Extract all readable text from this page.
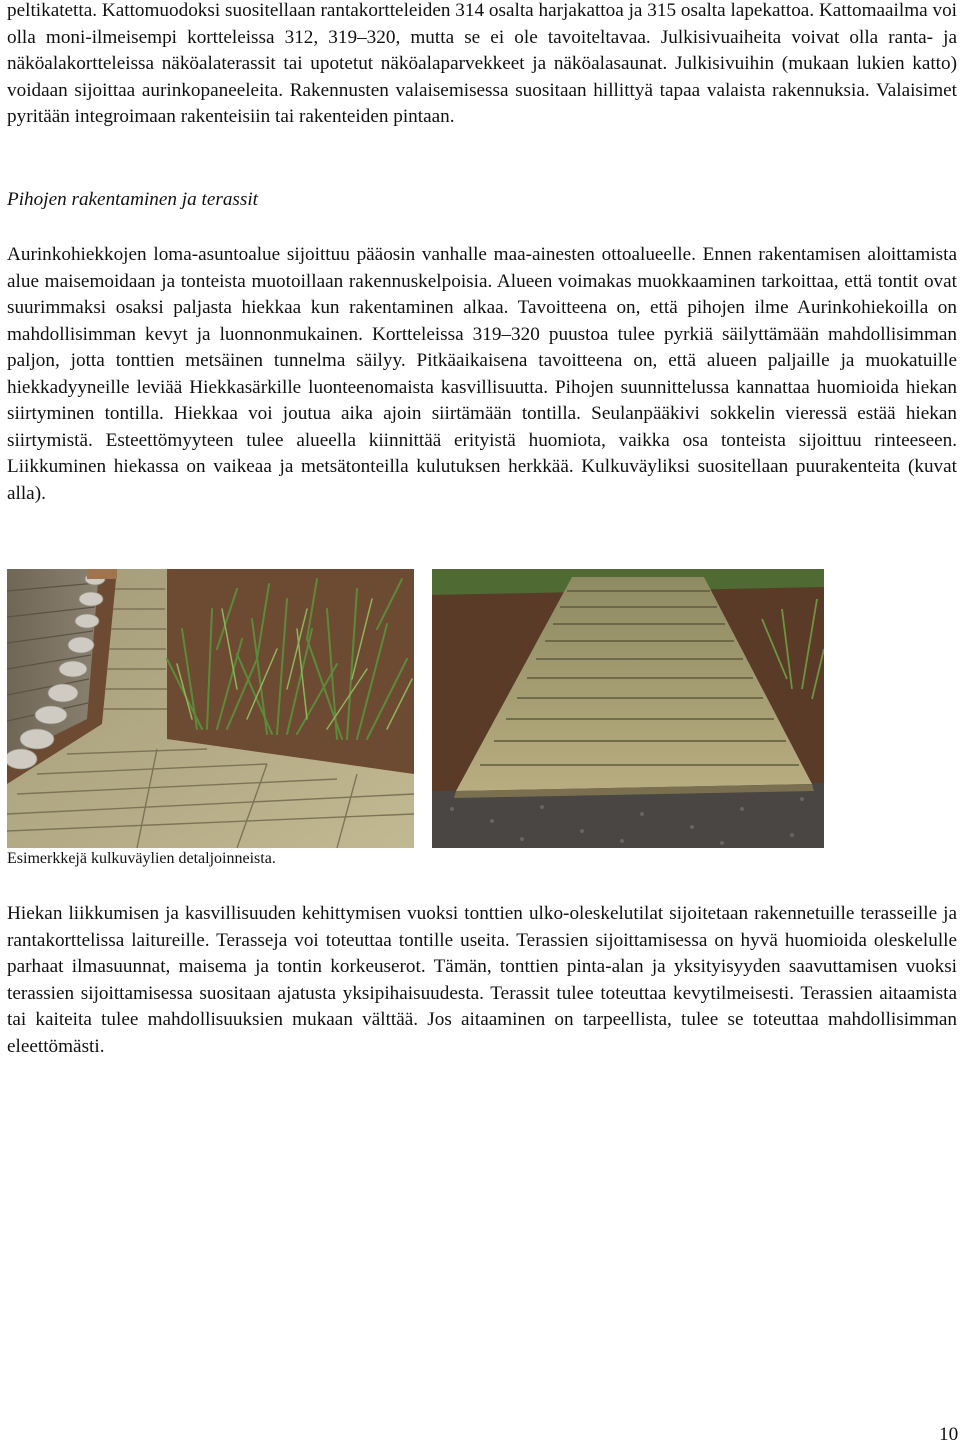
peltikatetta. Kattomuodoksi suositellaan rantakortteleiden 314 osalta harjakattoa ja 315 osalta lapekattoa. Kattomaailma voi olla moni-ilmeisempi kortteleissa 312, 319–320, mutta se ei ole tavoiteltavaa. Julkisivuaiheita voivat olla ranta- ja näköalakortteleissa näköalaterassit tai upotetut näköalaparvekkeet ja näköalasaunat. Julkisivuihin (mukaan lukien katto) voidaan sijoittaa aurinkopaneeleita. Rakennusten valaisemisessa suositaan hillittyä tapaa valaista rakennuksia. Valaisimet pyritään integroimaan rakenteisiin tai rakenteiden pintaan.

Pihojen rakentaminen ja terassit

Aurinkohiekkojen loma-asuntoalue sijoittuu pääosin vanhalle maa-ainesten ottoalueelle. Ennen rakentamisen aloittamista alue maisemoidaan ja tonteista muotoillaan rakennuskelpoisia. Alueen voimakas muokkaaminen tarkoittaa, että tontit ovat suurimmaksi osaksi paljasta hiekkaa kun rakentaminen alkaa. Tavoitteena on, että pihojen ilme Aurinkohiekoilla on mahdollisimman kevyt ja luonnonmukainen. Kortteleissa 319–320 puustoa tulee pyrkiä säilyttämään mahdollisimman paljon, jotta tonttien metsäinen tunnelma säilyy. Pitkäaikaisena tavoitteena on, että alueen paljaille ja muokatuille hiekkadyyneille leviää Hiekkasärkille luonteenomaista kasvillisuutta. Pihojen suunnittelussa kannattaa huomioida hiekan siirtyminen tontilla. Hiekkaa voi joutua aika ajoin siirtämään tontilla. Seulanpääkivi sokkelin vieressä estää hiekan siirtymistä. Esteettömyyteen tulee alueella kiinnittää erityistä huomiota, vaikka osa tonteista sijoittuu rinteeseen. Liikkuminen hiekassa on vaikeaa ja metsätonteilla kulutuksen herkkää. Kulkuväyliksi suositellaan puurakenteita (kuvat alla).

Esimerkkejä kulkuväylien detaljoinneista.

Hiekan liikkumisen ja kasvillisuuden kehittymisen vuoksi tonttien ulko-oleskelutilat sijoitetaan rakennetuille terasseille ja rantakorttelissa laitureille. Terasseja voi toteuttaa tontille useita. Terassien sijoittamisessa on hyvä huomioida oleskelulle parhaat ilmasuunnat, maisema ja tontin korkeuserot. Tämän, tonttien pinta-alan ja yksityisyyden saavuttamisen vuoksi terassien sijoittamisessa suositaan ajatusta yksipihaisuudesta. Terassit tulee toteuttaa kevytilmeisesti. Terassien aitaamista tai kaiteita tulee mahdollisuuksien mukaan välttää. Jos aitaaminen on tarpeellista, tulee se toteuttaa mahdollisimman eleettömästi.

10
